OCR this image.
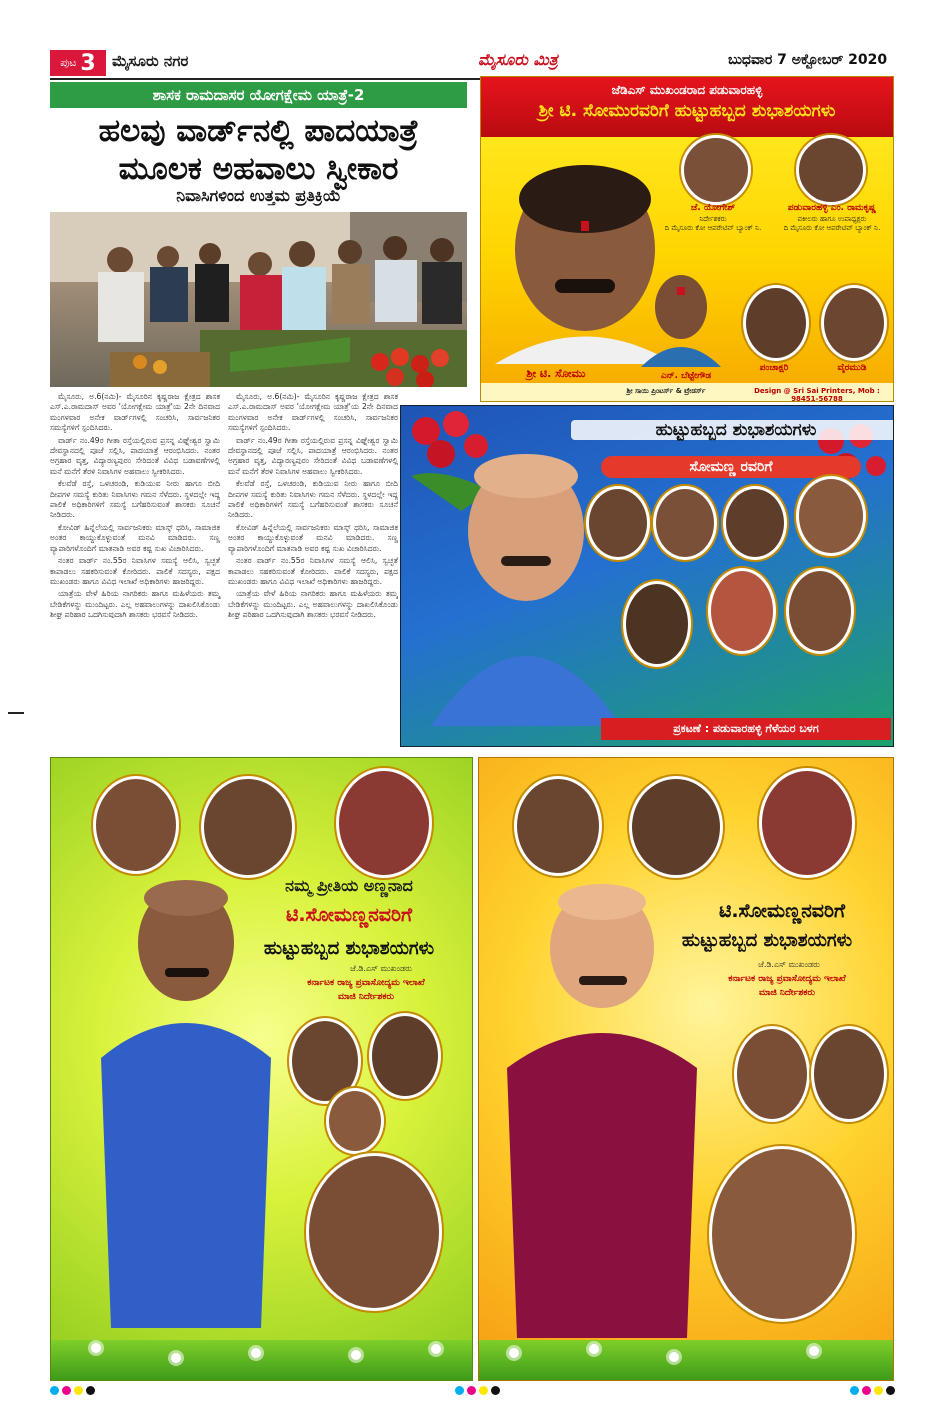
ಪುಟ 3 ಮೈಸೂರು ನಗರ	ಮೈಸೂರು ಮಿತ್ರ	ಬುಧವಾರ 7 ಅಕ್ಟೋಬರ್ 2020
ಶಾಸಕ ರಾಮದಾಸರ ಯೋಗಕ್ಷೇಮ ಯಾತ್ರೆ-2
ಹಲವು ವಾರ್ಡ್‌ನಲ್ಲಿ ಪಾದಯಾತ್ರೆ
ಮೂಲಕ ಅಹವಾಲು ಸ್ವೀಕಾರ
ನಿವಾಸಿಗಳಿಂದ ಉತ್ತಮ ಪ್ರತಿಕ್ರಿಯೆ

ಮೈಸೂರು, ಅ.6(ನಮಿ)- ಮೈಸೂರಿನ ಕೃಷ್ಣರಾಜ ಕ್ಷೇತ್ರದ ಶಾಸಕ ಎಸ್.ಎ.ರಾಮದಾಸ್ ಅವರ 'ಯೋಗಕ್ಷೇಮ ಯಾತ್ರೆ'ಯ 2ನೇ ದಿನವಾದ ಮಂಗಳವಾರ ಅನೇಕ ವಾರ್ಡ್‌ಗಳಲ್ಲಿ ಸಂಚರಿಸಿ, ಸಾರ್ವಜನಿಕರ ಸಮಸ್ಯೆಗಳಿಗೆ ಸ್ಪಂದಿಸಿದರು.

ವಾರ್ಡ್ ನಂ.49ರ ಗೀತಾ ರಸ್ತೆಯಲ್ಲಿರುವ ಪ್ರಸನ್ನ ವಿಘ್ನೇಶ್ವರ ಸ್ವಾಮಿ ದೇವಸ್ಥಾನದಲ್ಲಿ ಪೂಜೆ ಸಲ್ಲಿಸಿ, ಪಾದಯಾತ್ರೆ ಆರಂಭಿಸಿದರು. ನಂತರ ಅಗ್ರಹಾರ ವೃತ್ತ, ವಿದ್ಯಾರಣ್ಯಪುರಂ ಸೇರಿದಂತೆ ವಿವಿಧ ಬಡಾವಣೆಗಳಲ್ಲಿ ಮನೆ ಮನೆಗೆ ತೆರಳಿ ನಿವಾಸಿಗಳ ಅಹವಾಲು ಸ್ವೀಕರಿಸಿದರು.

ಕೆಲವೆಡೆ ರಸ್ತೆ, ಒಳಚರಂಡಿ, ಕುಡಿಯುವ ನೀರು ಹಾಗೂ ಬೀದಿ ದೀಪಗಳ ಸಮಸ್ಯೆ ಕುರಿತು ನಿವಾಸಿಗಳು ಗಮನ ಸೆಳೆದರು. ಸ್ಥಳದಲ್ಲೇ ಇದ್ದ ಪಾಲಿಕೆ ಅಧಿಕಾರಿಗಳಿಗೆ ಸಮಸ್ಯೆ ಬಗೆಹರಿಸುವಂತೆ ಶಾಸಕರು ಸೂಚನೆ ನೀಡಿದರು.

ಕೋವಿಡ್ ಹಿನ್ನೆಲೆಯಲ್ಲಿ ಸಾರ್ವಜನಿಕರು ಮಾಸ್ಕ್ ಧರಿಸಿ, ಸಾಮಾಜಿಕ ಅಂತರ ಕಾಯ್ದುಕೊಳ್ಳುವಂತೆ ಮನವಿ ಮಾಡಿದರು. ಸಣ್ಣ ವ್ಯಾಪಾರಿಗಳೊಂದಿಗೆ ಮಾತನಾಡಿ ಅವರ ಕಷ್ಟ ಸುಖ ವಿಚಾರಿಸಿದರು.

ನಂತರ ವಾರ್ಡ್ ನಂ.55ರ ನಿವಾಸಿಗಳ ಸಮಸ್ಯೆ ಆಲಿಸಿ, ಸ್ವಚ್ಛತೆ ಕಾಪಾಡಲು ಸಹಕರಿಸುವಂತೆ ಕೋರಿದರು. ಪಾಲಿಕೆ ಸದಸ್ಯರು, ಪಕ್ಷದ ಮುಖಂಡರು ಹಾಗೂ ವಿವಿಧ ಇಲಾಖೆ ಅಧಿಕಾರಿಗಳು ಹಾಜರಿದ್ದರು.

ಯಾತ್ರೆಯ ವೇಳೆ ಹಿರಿಯ ನಾಗರಿಕರು ಹಾಗೂ ಮಹಿಳೆಯರು ತಮ್ಮ ಬೇಡಿಕೆಗಳನ್ನು ಮುಂದಿಟ್ಟರು. ಎಲ್ಲ ಅಹವಾಲುಗಳನ್ನು ದಾಖಲಿಸಿಕೊಂಡು ಶೀಘ್ರ ಪರಿಹಾರ ಒದಗಿಸುವುದಾಗಿ ಶಾಸಕರು ಭರವಸೆ ನೀಡಿದರು.

ಮೈಸೂರು, ಅ.6(ನಮಿ)- ಮೈಸೂರಿನ ಕೃಷ್ಣರಾಜ ಕ್ಷೇತ್ರದ ಶಾಸಕ ಎಸ್.ಎ.ರಾಮದಾಸ್ ಅವರ 'ಯೋಗಕ್ಷೇಮ ಯಾತ್ರೆ'ಯ 2ನೇ ದಿನವಾದ ಮಂಗಳವಾರ ಅನೇಕ ವಾರ್ಡ್‌ಗಳಲ್ಲಿ ಸಂಚರಿಸಿ, ಸಾರ್ವಜನಿಕರ ಸಮಸ್ಯೆಗಳಿಗೆ ಸ್ಪಂದಿಸಿದರು.

ವಾರ್ಡ್ ನಂ.49ರ ಗೀತಾ ರಸ್ತೆಯಲ್ಲಿರುವ ಪ್ರಸನ್ನ ವಿಘ್ನೇಶ್ವರ ಸ್ವಾಮಿ ದೇವಸ್ಥಾನದಲ್ಲಿ ಪೂಜೆ ಸಲ್ಲಿಸಿ, ಪಾದಯಾತ್ರೆ ಆರಂಭಿಸಿದರು. ನಂತರ ಅಗ್ರಹಾರ ವೃತ್ತ, ವಿದ್ಯಾರಣ್ಯಪುರಂ ಸೇರಿದಂತೆ ವಿವಿಧ ಬಡಾವಣೆಗಳಲ್ಲಿ ಮನೆ ಮನೆಗೆ ತೆರಳಿ ನಿವಾಸಿಗಳ ಅಹವಾಲು ಸ್ವೀಕರಿಸಿದರು.

ಕೆಲವೆಡೆ ರಸ್ತೆ, ಒಳಚರಂಡಿ, ಕುಡಿಯುವ ನೀರು ಹಾಗೂ ಬೀದಿ ದೀಪಗಳ ಸಮಸ್ಯೆ ಕುರಿತು ನಿವಾಸಿಗಳು ಗಮನ ಸೆಳೆದರು. ಸ್ಥಳದಲ್ಲೇ ಇದ್ದ ಪಾಲಿಕೆ ಅಧಿಕಾರಿಗಳಿಗೆ ಸಮಸ್ಯೆ ಬಗೆಹರಿಸುವಂತೆ ಶಾಸಕರು ಸೂಚನೆ ನೀಡಿದರು.

ಕೋವಿಡ್ ಹಿನ್ನೆಲೆಯಲ್ಲಿ ಸಾರ್ವಜನಿಕರು ಮಾಸ್ಕ್ ಧರಿಸಿ, ಸಾಮಾಜಿಕ ಅಂತರ ಕಾಯ್ದುಕೊಳ್ಳುವಂತೆ ಮನವಿ ಮಾಡಿದರು. ಸಣ್ಣ ವ್ಯಾಪಾರಿಗಳೊಂದಿಗೆ ಮಾತನಾಡಿ ಅವರ ಕಷ್ಟ ಸುಖ ವಿಚಾರಿಸಿದರು.

ನಂತರ ವಾರ್ಡ್ ನಂ.55ರ ನಿವಾಸಿಗಳ ಸಮಸ್ಯೆ ಆಲಿಸಿ, ಸ್ವಚ್ಛತೆ ಕಾಪಾಡಲು ಸಹಕರಿಸುವಂತೆ ಕೋರಿದರು. ಪಾಲಿಕೆ ಸದಸ್ಯರು, ಪಕ್ಷದ ಮುಖಂಡರು ಹಾಗೂ ವಿವಿಧ ಇಲಾಖೆ ಅಧಿಕಾರಿಗಳು ಹಾಜರಿದ್ದರು.

ಯಾತ್ರೆಯ ವೇಳೆ ಹಿರಿಯ ನಾಗರಿಕರು ಹಾಗೂ ಮಹಿಳೆಯರು ತಮ್ಮ ಬೇಡಿಕೆಗಳನ್ನು ಮುಂದಿಟ್ಟರು. ಎಲ್ಲ ಅಹವಾಲುಗಳನ್ನು ದಾಖಲಿಸಿಕೊಂಡು ಶೀಘ್ರ ಪರಿಹಾರ ಒದಗಿಸುವುದಾಗಿ ಶಾಸಕರು ಭರವಸೆ ನೀಡಿದರು.

ಜೆಡಿಎಸ್ ಮುಖಂಡರಾದ ಪಡುವಾರಹಳ್ಳಿ
ಶ್ರೀ ಟಿ. ಸೋಮುರವರಿಗೆ ಹುಟ್ಟುಹಬ್ಬದ ಶುಭಾಶಯಗಳು
ಶ್ರೀ ಟಿ. ಸೋಮು
ಜೆ. ಯೋಗೇಶ್
ನಿರ್ದೇಶಕರು
ದಿ ಮೈಸೂರು ಕೋ ಆಪರೇಟಿವ್ ಬ್ಯಾಂಕ್ ನಿ.
ಪಡುವಾರಹಳ್ಳಿ ಎಂ. ರಾಮಕೃಷ್ಣ
ವಕೀಲರು ಹಾಗೂ ಉಪಾಧ್ಯಕ್ಷರು
ದಿ ಮೈಸೂರು ಕೋ ಆಪರೇಟಿವ್ ಬ್ಯಾಂಕ್ ನಿ.
ಎನ್. ಬೆಟ್ಟೇಗೌಡ
ಪಂಚಾಕ್ಷರಿ	ವೈರಮುಡಿ
ಶ್ರೀ ಸಾಯಿ ಪ್ರಿಂಟರ್ಸ್ & ಟ್ರೇಡರ್ಸ್	Design @ Sri Sai Printers, Mob : 98451-56788
ಹುಟ್ಟುಹಬ್ಬದ ಶುಭಾಶಯಗಳು
ಸೋಮಣ್ಣ ರವರಿಗೆ
ಪ್ರಕಟಣೆ : ಪಡುವಾರಹಳ್ಳಿ ಗೆಳೆಯರ ಬಳಗ
ನಮ್ಮ ಪ್ರೀತಿಯ ಅಣ್ಣನಾದ
ಟಿ.ಸೋಮಣ್ಣನವರಿಗೆ
ಹುಟ್ಟುಹಬ್ಬದ ಶುಭಾಶಯಗಳು
ಜೆ.ಡಿ.ಎಸ್ ಮುಖಂಡರು
ಕರ್ನಾಟಕ ರಾಜ್ಯ ಪ್ರವಾಸೋದ್ಯಮ ಇಲಾಖೆ
ಮಾಜಿ ನಿರ್ದೇಶಕರು
ಟಿ.ಸೋಮಣ್ಣನವರಿಗೆ
ಹುಟ್ಟುಹಬ್ಬದ ಶುಭಾಶಯಗಳು
ಜೆ.ಡಿ.ಎಸ್ ಮುಖಂಡರು
ಕರ್ನಾಟಕ ರಾಜ್ಯ ಪ್ರವಾಸೋದ್ಯಮ ಇಲಾಖೆ
ಮಾಜಿ ನಿರ್ದೇಶಕರು
